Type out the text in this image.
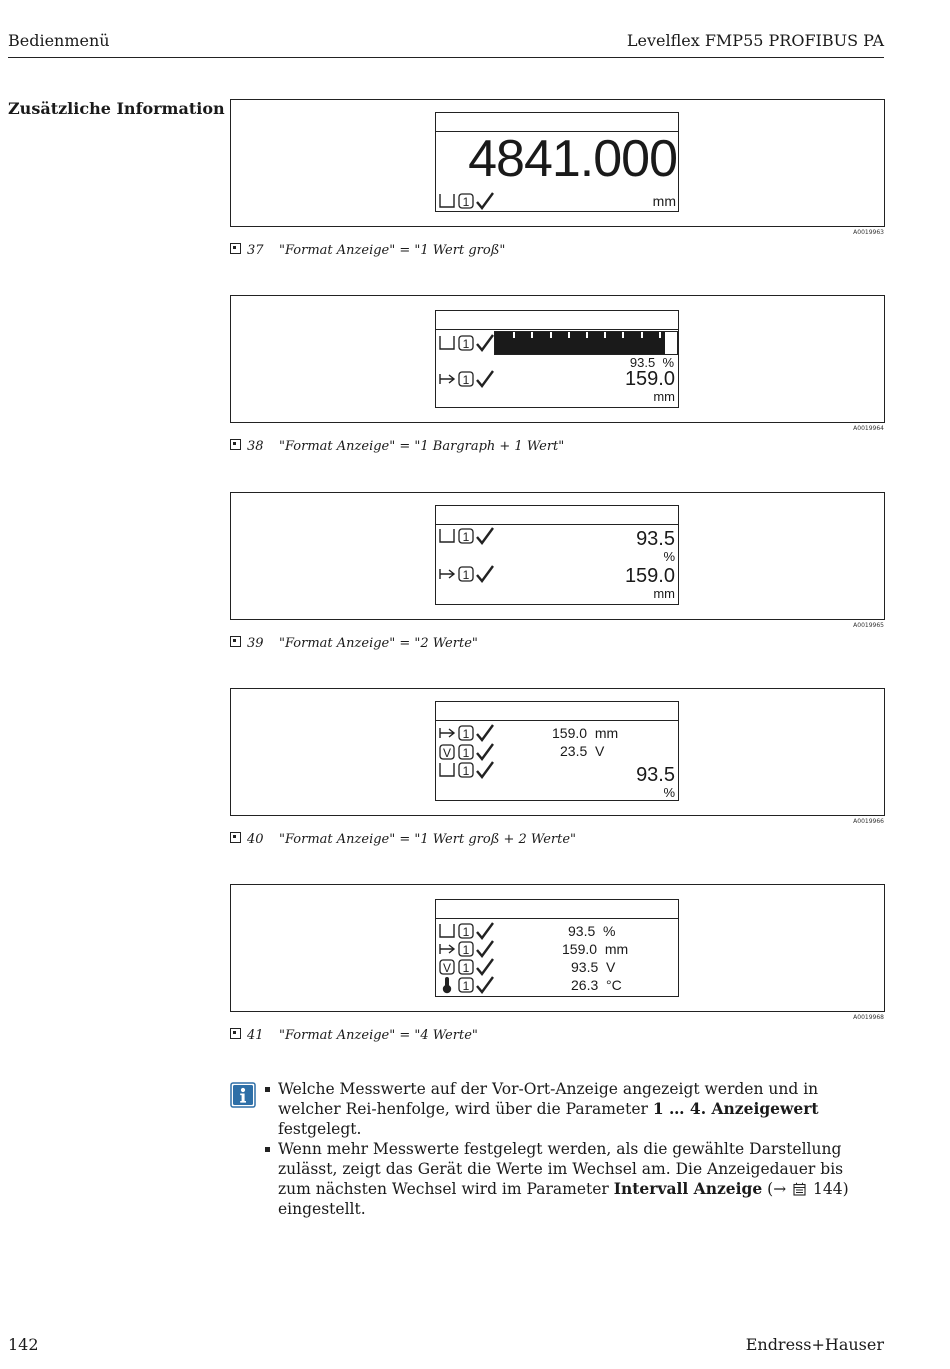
Bedienmenü	Levelflex FMP55 PROFIBUS PA
Zusätzliche Information
4841.000
1	mm
A0019963
37 "Format Anzeige" = "1 Wert groß"
1
93.5 %
1	159.0
mm
A0019964
38 "Format Anzeige" = "1 Bargraph + 1 Wert"
1	93.5
%
1	159.0
mm
A0019965
39 "Format Anzeige" = "2 Werte"
1	159.0  mm
V 1	23.5  V
1	93.5
%
A0019966
40 "Format Anzeige" = "1 Wert groß + 2 Werte"
1	93.5  %
1	159.0  mm
V 1	93.5  V
1	26.3  °C
A0019968
41 "Format Anzeige" = "4 Werte"
Welche Messwerte auf der Vor-Ort-Anzeige angezeigt werden und in welcher Rei-henfolge, wird über die Parameter 1 … 4. Anzeigewert festgelegt.
Wenn mehr Messwerte festgelegt werden, als die gewählte Darstellung zulässt, zeigt das Gerät die Werte im Wechsel am. Die Anzeigedauer bis zum nächsten Wechsel wird im Parameter Intervall Anzeige (→
144) eingestellt.
142	Endress+Hauser
